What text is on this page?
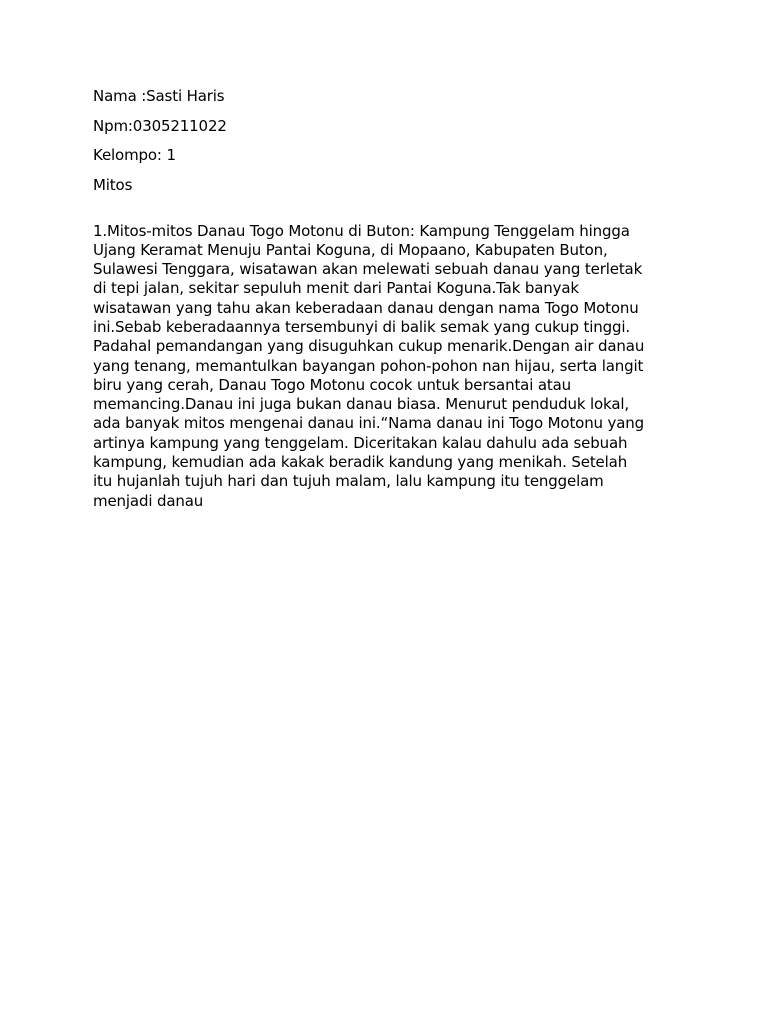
Nama :Sasti Haris

Npm:0305211022

Kelompo: 1

Mitos

1.Mitos-mitos Danau Togo Motonu di Buton: Kampung Tenggelam hingga
Ujang Keramat Menuju Pantai Koguna, di Mopaano, Kabupaten Buton,
Sulawesi Tenggara, wisatawan akan melewati sebuah danau yang terletak
di tepi jalan, sekitar sepuluh menit dari Pantai Koguna.Tak banyak
wisatawan yang tahu akan keberadaan danau dengan nama Togo Motonu
ini.Sebab keberadaannya tersembunyi di balik semak yang cukup tinggi.
Padahal pemandangan yang disuguhkan cukup menarik.Dengan air danau
yang tenang, memantulkan bayangan pohon-pohon nan hijau, serta langit
biru yang cerah, Danau Togo Motonu cocok untuk bersantai atau
memancing.Danau ini juga bukan danau biasa. Menurut penduduk lokal,
ada banyak mitos mengenai danau ini.“Nama danau ini Togo Motonu yang
artinya kampung yang tenggelam. Diceritakan kalau dahulu ada sebuah
kampung, kemudian ada kakak beradik kandung yang menikah. Setelah
itu hujanlah tujuh hari dan tujuh malam, lalu kampung itu tenggelam
menjadi danau
